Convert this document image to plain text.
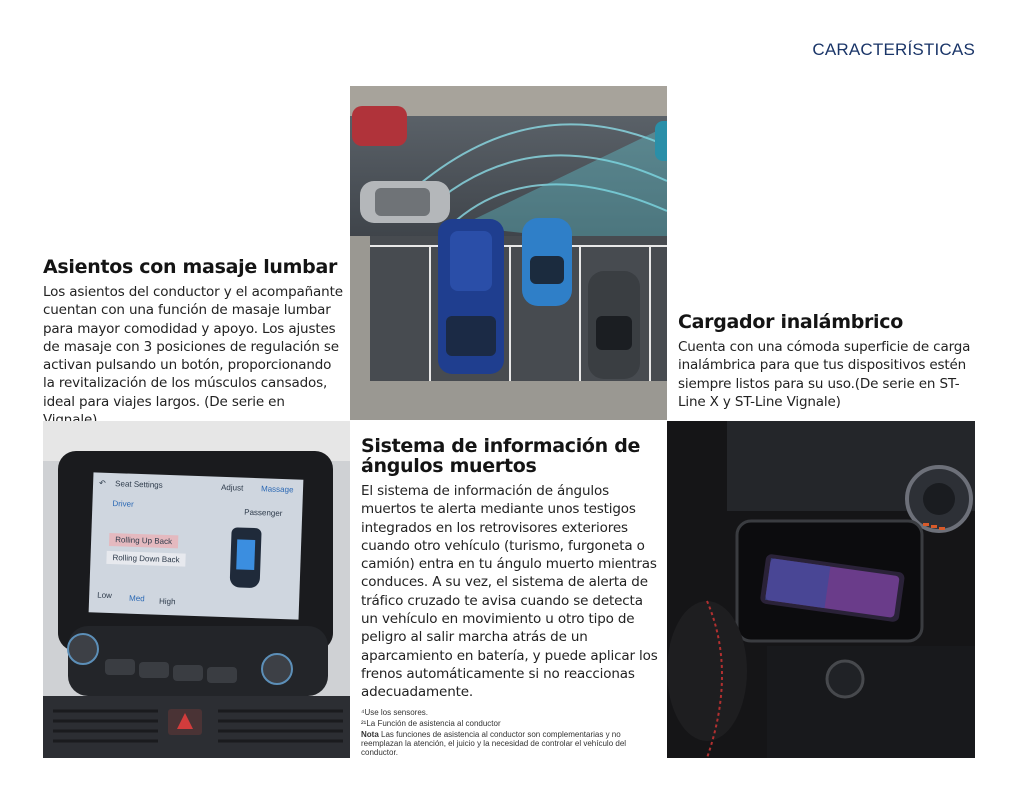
CARACTERÍSTICAS
Asientos con masaje lumbar
Los asientos del conductor y el acompañante cuentan con una función de masaje lumbar para mayor comodidad y apoyo. Los ajustes de masaje con 3 posiciones de regulación se activan pulsando un botón, proporcionando la revitalización de los músculos cansados, ideal para viajes largos. (De serie en
Cargador inalámbrico
Cuenta con una cómoda superficie de carga inalámbrica para que tus dispositivos estén siempre listos para su uso.(De serie en ST-Line X y ST-Line Vignale)
Sistema de información de ángulos muertos
El sistema de información de ángulos muertos te alerta mediante unos testigos integrados en los retrovisores exteriores cuando otro vehículo (turismo, furgoneta o camión) entra en tu ángulo muerto mientras conduces. A su vez, el sistema de alerta de tráfico cruzado te avisa cuando se detecta un vehículo en movimiento u otro tipo de peligro al salir marcha atrás de un aparcamiento en batería, y puede aplicar los frenos automáticamente si no reaccionas adecuadamente.
⁴Use los sensores.
²¹La Función de asistencia al conductor
Nota Las funciones de asistencia al conductor son complementarias y no reemplazan la atención, el juicio y la necesidad de controlar el vehículo del conductor.
↶ Seat Settings	Adjust Massage
Driver
Passenger
Rolling Up Back
Rolling Down Back
Low Med High
